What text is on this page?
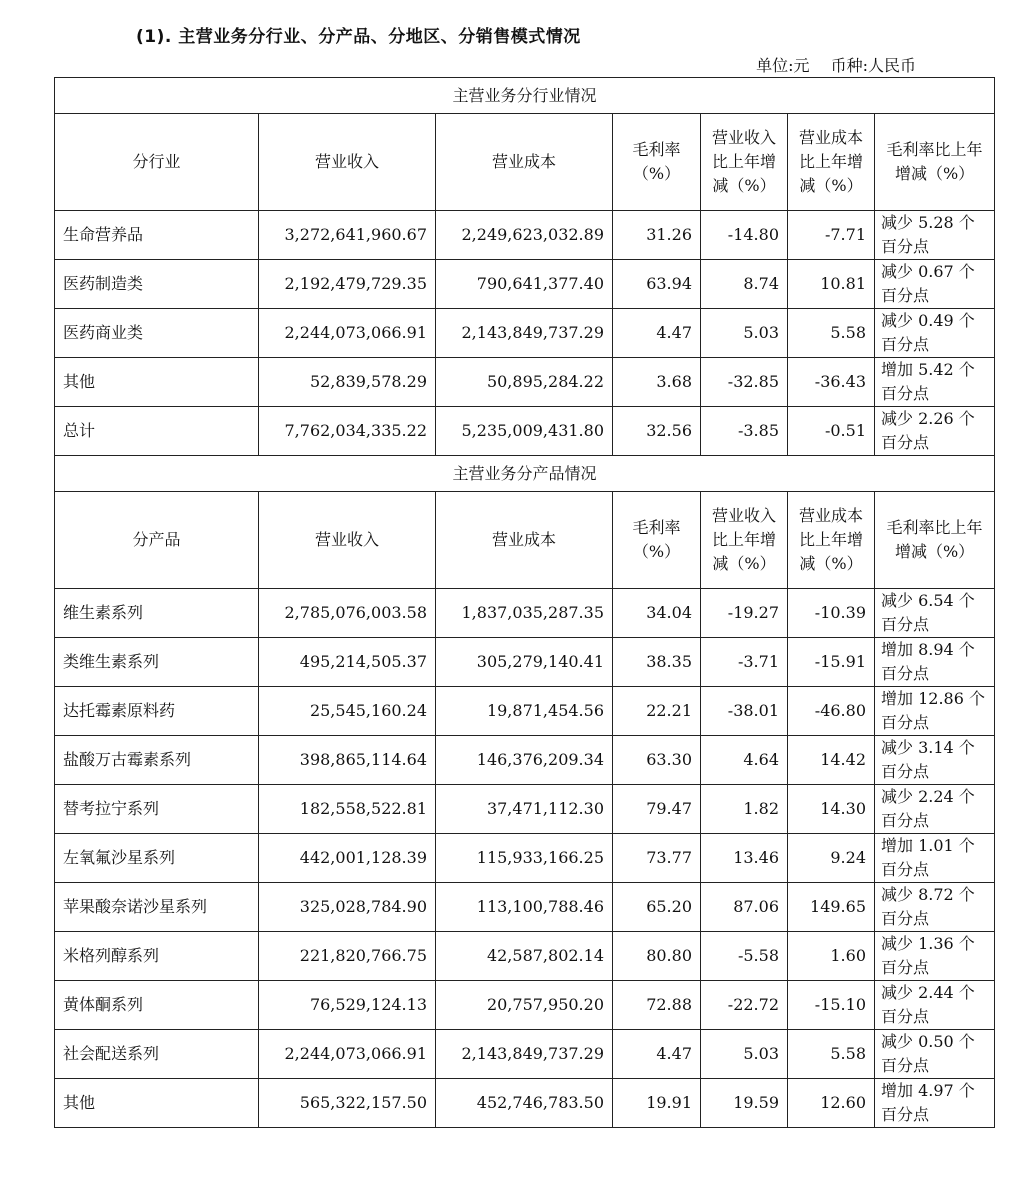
(1). 主营业务分行业、分产品、分地区、分销售模式情况
单位:元 币种:人民币
主营业务分行业情况						
分行业	营业收入	营业成本	毛利率（%）	营业收入比上年增减（%）	营业成本比上年增减（%）	毛利率比上年增减（%）
生命营养品	3,272,641,960.67	2,249,623,032.89	31.26	-14.80	-7.71	减少 5.28 个百分点
医药制造类	2,192,479,729.35	790,641,377.40	63.94	8.74	10.81	减少 0.67 个百分点
医药商业类	2,244,073,066.91	2,143,849,737.29	4.47	5.03	5.58	减少 0.49 个百分点
其他	52,839,578.29	50,895,284.22	3.68	-32.85	-36.43	增加 5.42 个百分点
总计	7,762,034,335.22	5,235,009,431.80	32.56	-3.85	-0.51	减少 2.26 个百分点
主营业务分产品情况						
分产品	营业收入	营业成本	毛利率（%）	营业收入比上年增减（%）	营业成本比上年增减（%）	毛利率比上年增减（%）
维生素系列	2,785,076,003.58	1,837,035,287.35	34.04	-19.27	-10.39	减少 6.54 个百分点
类维生素系列	495,214,505.37	305,279,140.41	38.35	-3.71	-15.91	增加 8.94 个百分点
达托霉素原料药	25,545,160.24	19,871,454.56	22.21	-38.01	-46.80	增加 12.86 个百分点
盐酸万古霉素系列	398,865,114.64	146,376,209.34	63.30	4.64	14.42	减少 3.14 个百分点
替考拉宁系列	182,558,522.81	37,471,112.30	79.47	1.82	14.30	减少 2.24 个百分点
左氧氟沙星系列	442,001,128.39	115,933,166.25	73.77	13.46	9.24	增加 1.01 个百分点
苹果酸奈诺沙星系列	325,028,784.90	113,100,788.46	65.20	87.06	149.65	减少 8.72 个百分点
米格列醇系列	221,820,766.75	42,587,802.14	80.80	-5.58	1.60	减少 1.36 个百分点
黄体酮系列	76,529,124.13	20,757,950.20	72.88	-22.72	-15.10	减少 2.44 个百分点
社会配送系列	2,244,073,066.91	2,143,849,737.29	4.47	5.03	5.58	减少 0.50 个百分点
其他	565,322,157.50	452,746,783.50	19.91	19.59	12.60	增加 4.97 个百分点
